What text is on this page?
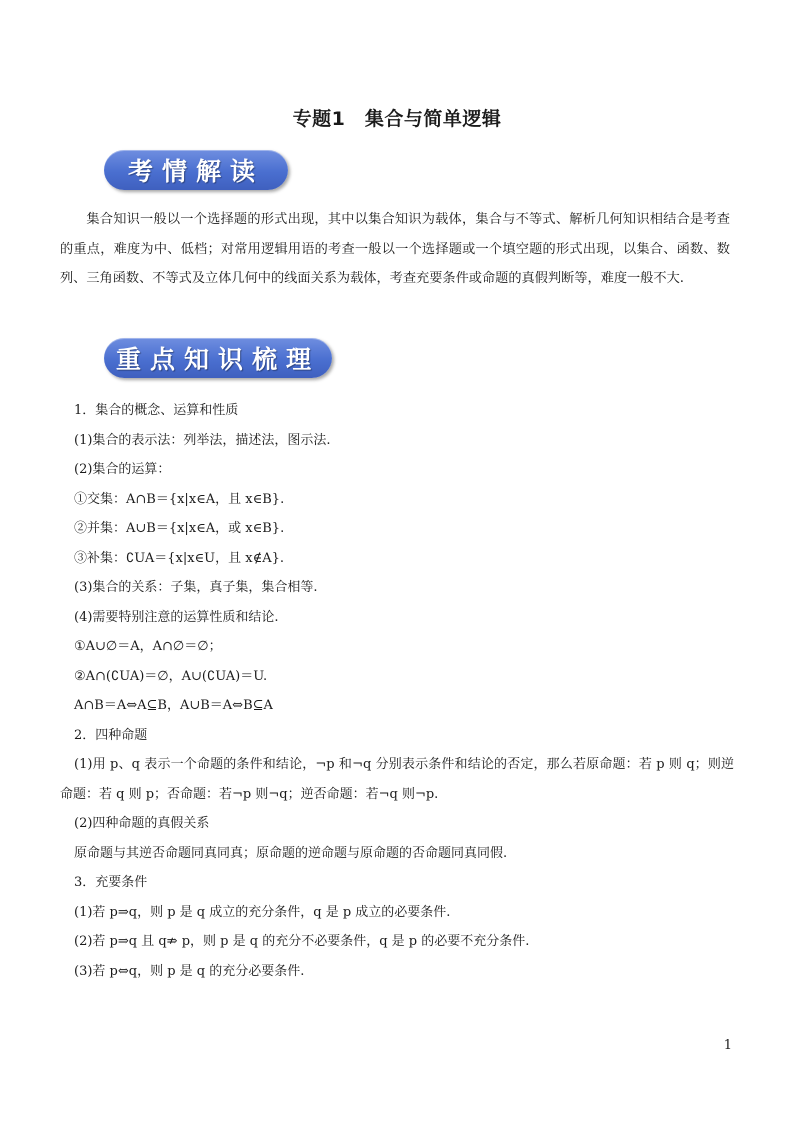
专题1　集合与简单逻辑
考情解读

集合知识一般以一个选择题的形式出现，其中以集合知识为载体，集合与不等式、解析几何知识相结合是考查的重点，难度为中、低档；对常用逻辑用语的考查一般以一个选择题或一个填空题的形式出现，以集合、函数、数列、三角函数、不等式及立体几何中的线面关系为载体，考查充要条件或命题的真假判断等，难度一般不大.

重点知识梳理
1．集合的概念、运算和性质
(1)集合的表示法：列举法，描述法，图示法.
(2)集合的运算：
①交集：A∩B＝{x|x∈A，且 x∈B}.
②并集：A∪B＝{x|x∈A，或 x∈B}.
③补集：∁UA＝{x|x∈U，且 x∉A}.
(3)集合的关系：子集，真子集，集合相等.
(4)需要特别注意的运算性质和结论.
①A∪∅＝A，A∩∅＝∅；
②A∩(∁UA)＝∅，A∪(∁UA)＝U.
A∩B＝A⇔A⊆B，A∪B＝A⇔B⊆A
2．四种命题

(1)用 p、q 表示一个命题的条件和结论，¬p 和¬q 分别表示条件和结论的否定，那么若原命题：若 p 则 q；则逆命题：若 q 则 p；否命题：若¬p 则¬q；逆否命题：若¬q 则¬p.

(2)四种命题的真假关系
原命题与其逆否命题同真同真；原命题的逆命题与原命题的否命题同真同假.
3．充要条件
(1)若 p⇒q，则 p 是 q 成立的充分条件，q 是 p 成立的必要条件.
(2)若 p⇒q 且 q⇏ p，则 p 是 q 的充分不必要条件，q 是 p 的必要不充分条件.
(3)若 p⇔q，则 p 是 q 的充分必要条件.
1
